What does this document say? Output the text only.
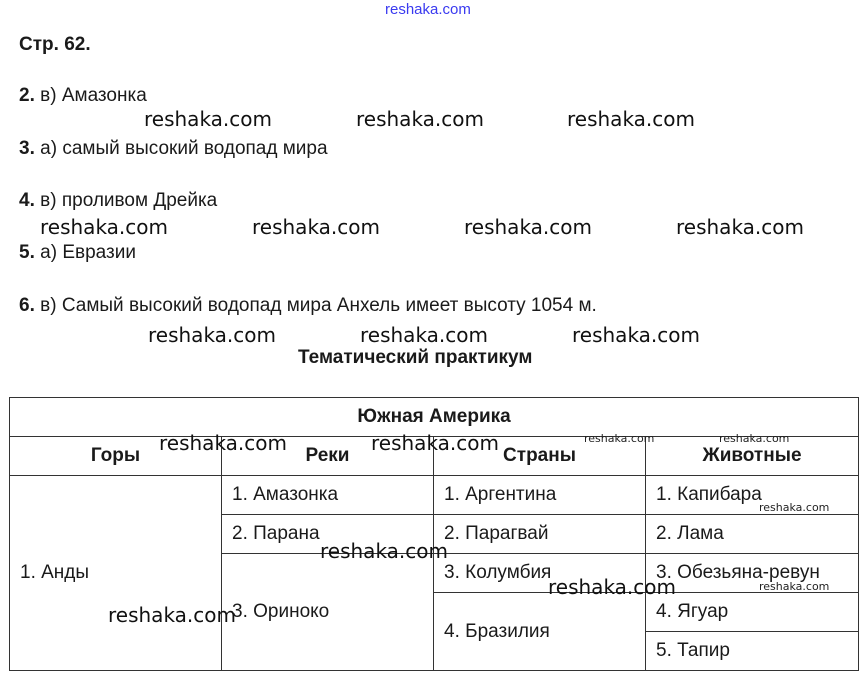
reshaka.com
Стр. 62.
2. в) Амазонка
3. а) самый высокий водопад мира
4. в) проливом Дрейка
5. а) Евразии
6. в) Самый высокий водопад мира Анхель имеет высоту 1054 м.
Тематический практикум
reshaka.com	reshaka.com	reshaka.com
reshaka.com	reshaka.com	reshaka.com	reshaka.com
reshaka.com	reshaka.com	reshaka.com
Южная Америка			
Горы	Реки	Страны	Животные
1. Анды	1. Амазонка	1. Аргентина	1. Капибара
	2. Парана	2. Парагвай	2. Лама
	3. Ориноко	3. Колумбия	3. Обезьяна-ревун
		4. Бразилия	4. Ягуар
			5. Тапир
reshaka.com	reshaka.com	reshaka.com	reshaka.com
reshaka.com
reshaka.com
reshaka.com	reshaka.com
reshaka.com
